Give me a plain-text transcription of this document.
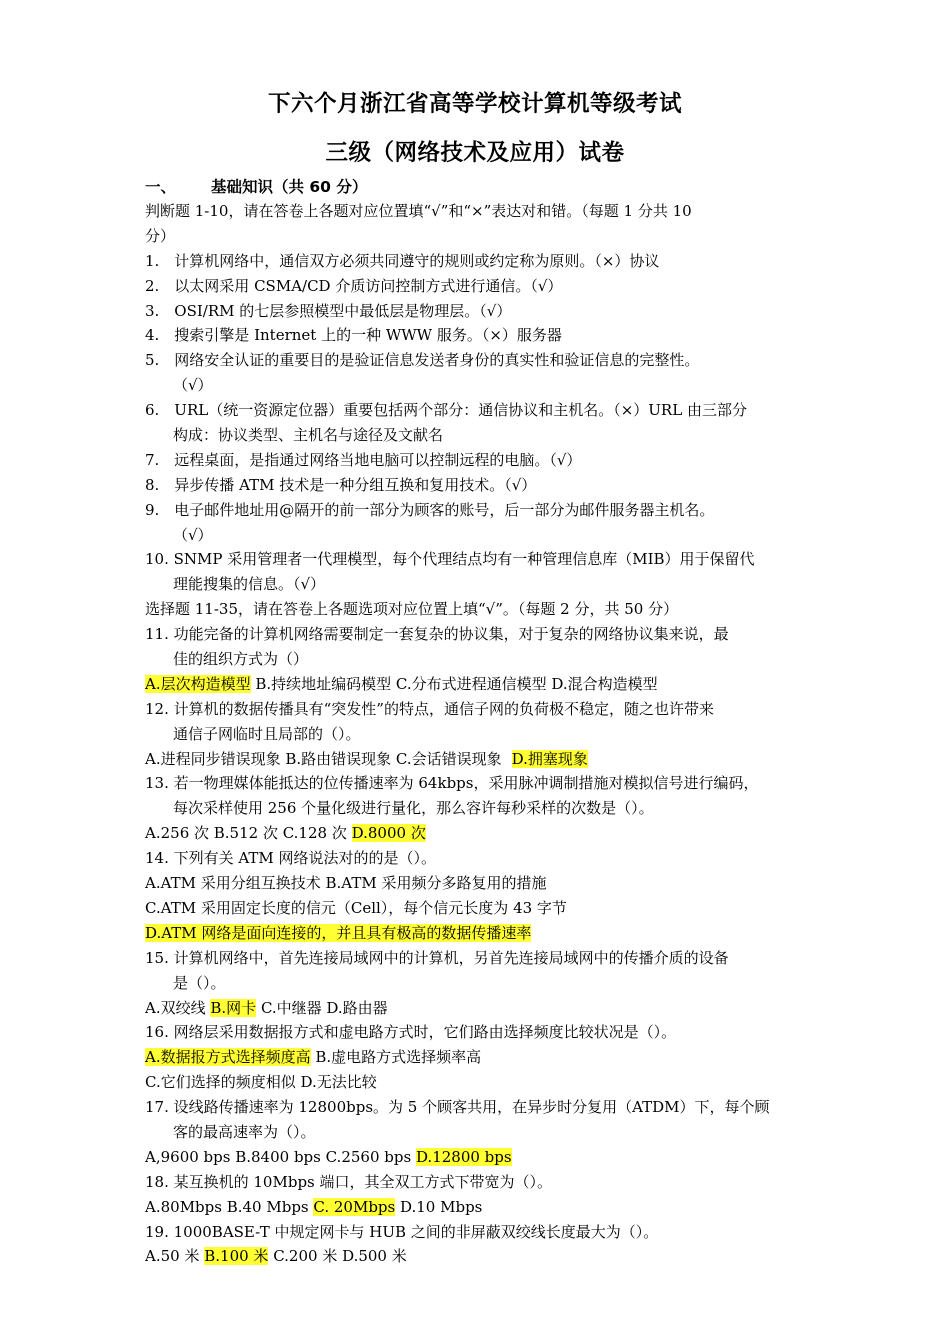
下六个月浙江省高等学校计算机等级考试
三级（网络技术及应用）试卷
一、 基础知识（共 60 分）
判断题 1-10，请在答卷上各题对应位置填“√”和“×”表达对和错。（每题 1 分共 10
分）
1.　计算机网络中，通信双方必须共同遵守的规则或约定称为原则。（×）协议
2.　以太网采用 CSMA/CD 介质访问控制方式进行通信。（√）
3.　OSI/RM 的七层参照模型中最低层是物理层。（√）
4.　搜索引擎是 Internet 上的一种 WWW 服务。（×）服务器
5.　网络安全认证的重要目的是验证信息发送者身份的真实性和验证信息的完整性。
（√）
6.　URL（统一资源定位器）重要包括两个部分：通信协议和主机名。（×）URL 由三部分
构成：协议类型、主机名与途径及文献名
7.　远程桌面，是指通过网络当地电脑可以控制远程的电脑。（√）
8.　异步传播 ATM 技术是一种分组互换和复用技术。（√）
9.　电子邮件地址用@隔开的前一部分为顾客的账号，后一部分为邮件服务器主机名。
（√）
10. SNMP 采用管理者一代理模型，每个代理结点均有一种管理信息库（MIB）用于保留代
理能搜集的信息。（√）
选择题 11-35，请在答卷上各题选项对应位置上填“√”。（每题 2 分，共 50 分）
11. 功能完备的计算机网络需要制定一套复杂的协议集，对于复杂的网络协议集来说，最
佳的组织方式为（）
A.层次构造模型 B.持续地址编码模型 C.分布式进程通信模型 D.混合构造模型
12. 计算机的数据传播具有“突发性”的特点，通信子网的负荷极不稳定，随之也许带来
通信子网临时且局部的（）。
A.进程同步错误现象 B.路由错误现象 C.会话错误现象 D.拥塞现象
13. 若一物理媒体能抵达的位传播速率为 64kbps，采用脉冲调制措施对模拟信号进行编码，
每次采样使用 256 个量化级进行量化，那么容许每秒采样的次数是（）。
A.256 次 B.512 次 C.128 次 D.8000 次
14. 下列有关 ATM 网络说法对的的是（）。
A.ATM 采用分组互换技术 B.ATM 采用频分多路复用的措施
C.ATM 采用固定长度的信元（Cell），每个信元长度为 43 字节
D.ATM 网络是面向连接的，并且具有极高的数据传播速率
15. 计算机网络中，首先连接局域网中的计算机，另首先连接局域网中的传播介质的设备
是（）。
A.双绞线 B.网卡 C.中继器 D.路由器
16. 网络层采用数据报方式和虚电路方式时，它们路由选择频度比较状况是（）。
A.数据报方式选择频度高 B.虚电路方式选择频率高
C.它们选择的频度相似 D.无法比较
17. 设线路传播速率为 12800bps。为 5 个顾客共用，在异步时分复用（ATDM）下，每个顾
客的最高速率为（）。
A,9600 bps B.8400 bps C.2560 bps D.12800 bps
18. 某互换机的 10Mbps 端口，其全双工方式下带宽为（）。
A.80Mbps B.40 Mbps C. 20Mbps D.10 Mbps
19. 1000BASE-T 中规定网卡与 HUB 之间的非屏蔽双绞线长度最大为（）。
A.50 米 B.100 米 C.200 米 D.500 米
